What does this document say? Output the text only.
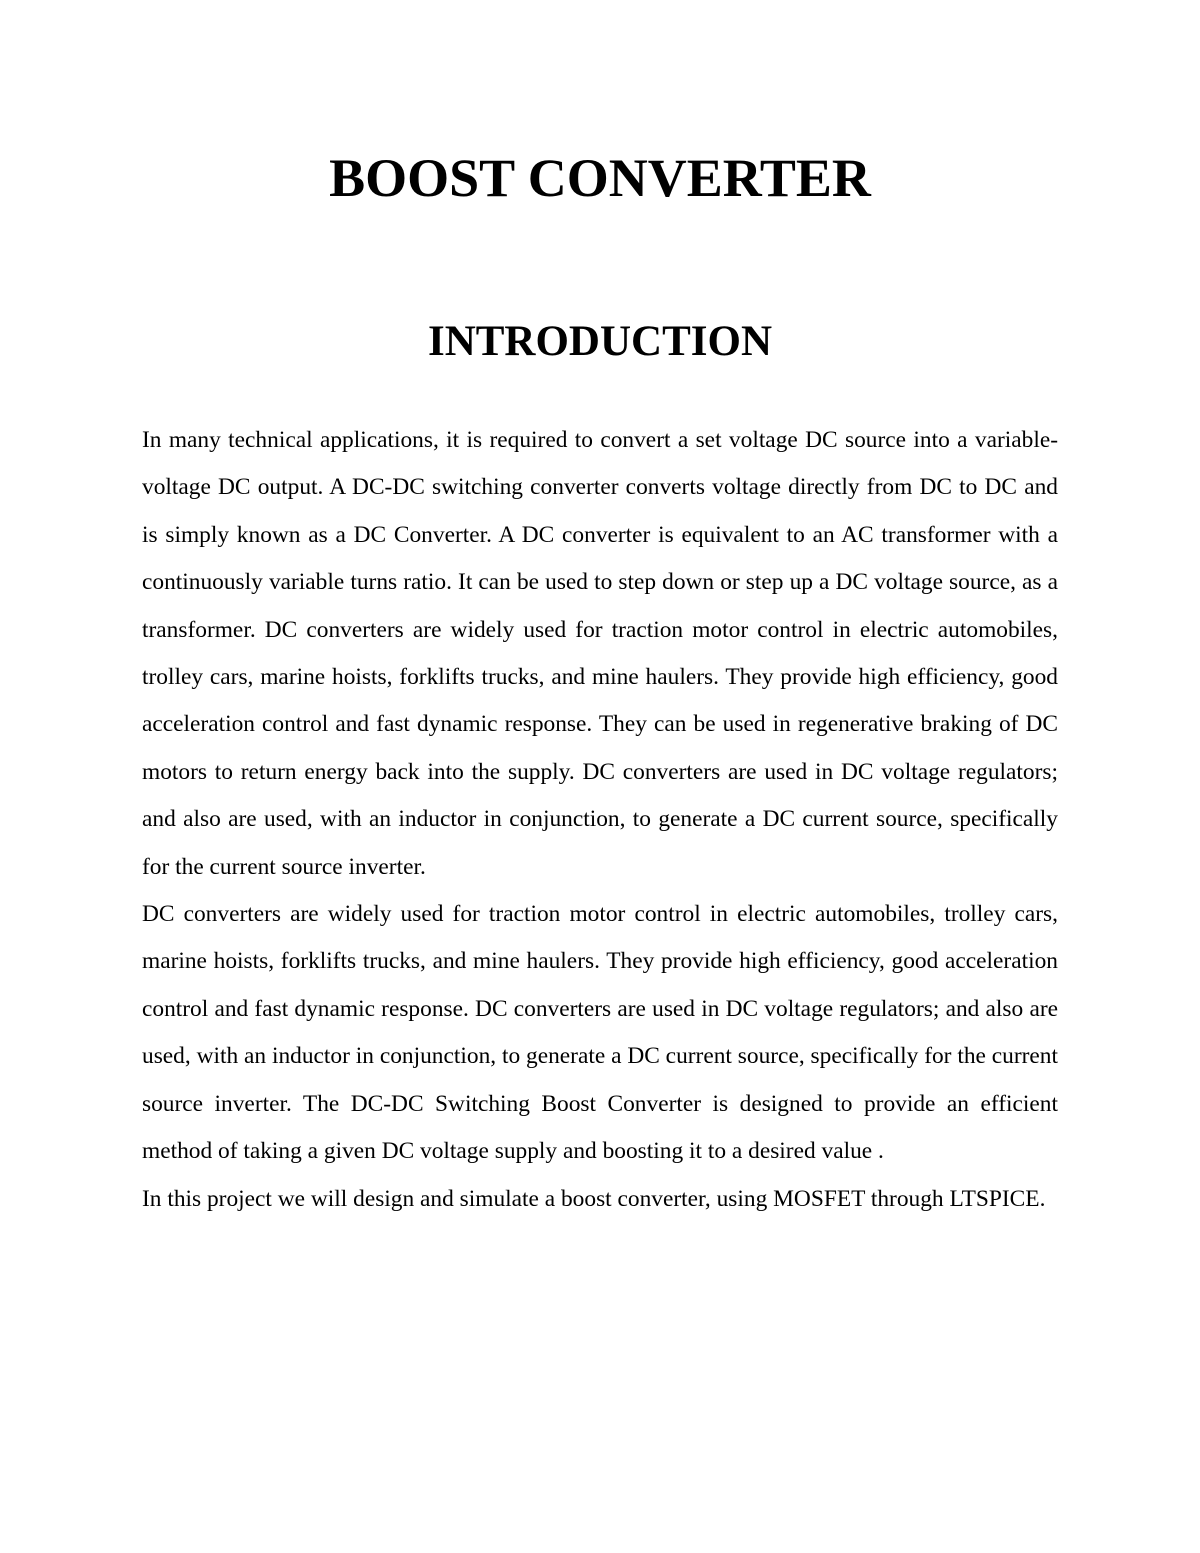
BOOST CONVERTER
INTRODUCTION

In many technical applications, it is required to convert a set voltage DC source into a variable-voltage DC output. A DC-DC switching converter converts voltage directly from DC to DC and is simply known as a DC Converter. A DC converter is equivalent to an AC transformer with a continuously variable turns ratio. It can be used to step down or step up a DC voltage source, as a transformer. DC converters are widely used for traction motor control in electric automobiles, trolley cars, marine hoists, forklifts trucks, and mine haulers. They provide high efficiency, good acceleration control and fast dynamic response. They can be used in regenerative braking of DC motors to return energy back into the supply. DC converters are used in DC voltage regulators; and also are used, with an inductor in conjunction, to generate a DC current source, specifically for the current source inverter.

DC converters are widely used for traction motor control in electric automobiles, trolley cars, marine hoists, forklifts trucks, and mine haulers. They provide high efficiency, good acceleration control and fast dynamic response. DC converters are used in DC voltage regulators; and also are used, with an inductor in conjunction, to generate a DC current source, specifically for the current source inverter. The DC-DC Switching Boost Converter is designed to provide an efficient method of taking a given DC voltage supply and boosting it to a desired value .

In this project we will design and simulate a boost converter, using MOSFET through LTSPICE.
